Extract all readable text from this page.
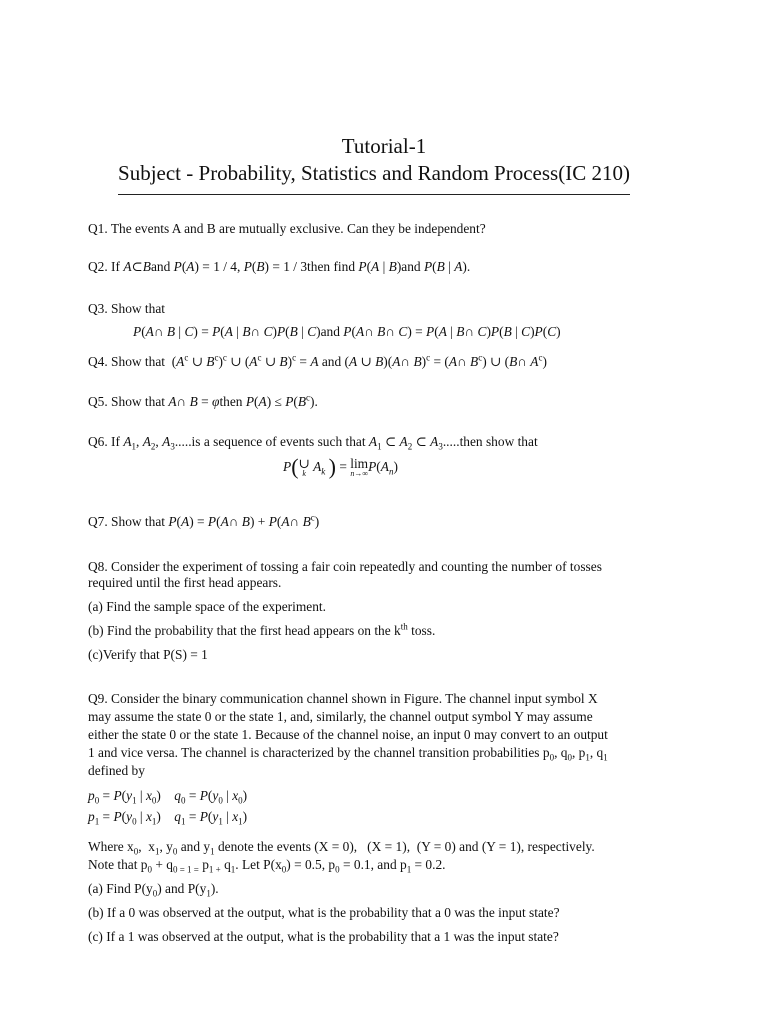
Tutorial-1
Subject - Probability, Statistics and Random Process(IC 210)
Q1. The events A and B are mutually exclusive. Can they be independent?
Q2. If A⊂Band P(A) = 1 / 4, P(B) = 1 / 3then find P(A | B)and P(B | A).
Q3. Show that
P(A∩ B | C) = P(A | B∩ C)P(B | C)and P(A∩ B∩ C) = P(A | B∩ C)P(B | C)P(C)
Q4. Show that  ($A^c$ ∪ $B^c)^c$ ∪ ($A^c$ ∪ B)$^c$ = A and (A ∪ B)(A∩ B)$^c$ = (A∩ $B^c$) ∪ (B∩ $A^c$)
Q5. Show that A∩ B = φthen $P(A) \le P(B^c)$.
Q6. If $A_1$, $A_2$, $A_3.....is$ a sequence of events such that $A_1$ ⊂ $A_2$ ⊂ $A_3.....then$ show that
P(∪
k $A_k$ ) = lim
n→∞ $P(A_n)$
Q7. Show that P(A) = P(A∩ B) + P(A∩ $B^c$)
Q8. Consider the experiment of tossing a fair coin repeatedly and counting the number of tosses
required until the first head appears.
(a) Find the sample space of the experiment.
(b) Find the probability that the first head appears on the $k^{th}$ toss.
(c)Verify that P(S) = 1
Q9. Consider the binary communication channel shown in Figure. The channel input symbol X
may assume the state 0 or the state 1, and, similarly, the channel output symbol Y may assume
either the state 0 or the state 1. Because of the channel noise, an input 0 may convert to an output
1 and vice versa. The channel is characterized by the channel transition probabilities $p_0$, $q_0$, $p_1$, $q_1$
defined by
$p_0 = P(y_1$ | $x_0$)    $q_0 = P(y_0$ | $x_0$)
$p_1 = P(y_0$ | $x_1$)    $q_1 = P(y_1$ | $x_1$)
Where $x_0$,  $x_1$, $y_0$ and $y_1$ denote the events (X = 0),   (X = 1),  (Y = 0) and (Y = 1), respectively.
Note that $p_0 + q_{0 = 1 =}$ $p_{1 +}$ $q_1$. Let $P(x_0) = 0.5$, $p_0 = 0.1$, and $p_1 = 0.2$.
(a) Find $P(y_0)$ and $P(y_1)$.
(b) If a 0 was observed at the output, what is the probability that a 0 was the input state?
(c) If a 1 was observed at the output, what is the probability that a 1 was the input state?
